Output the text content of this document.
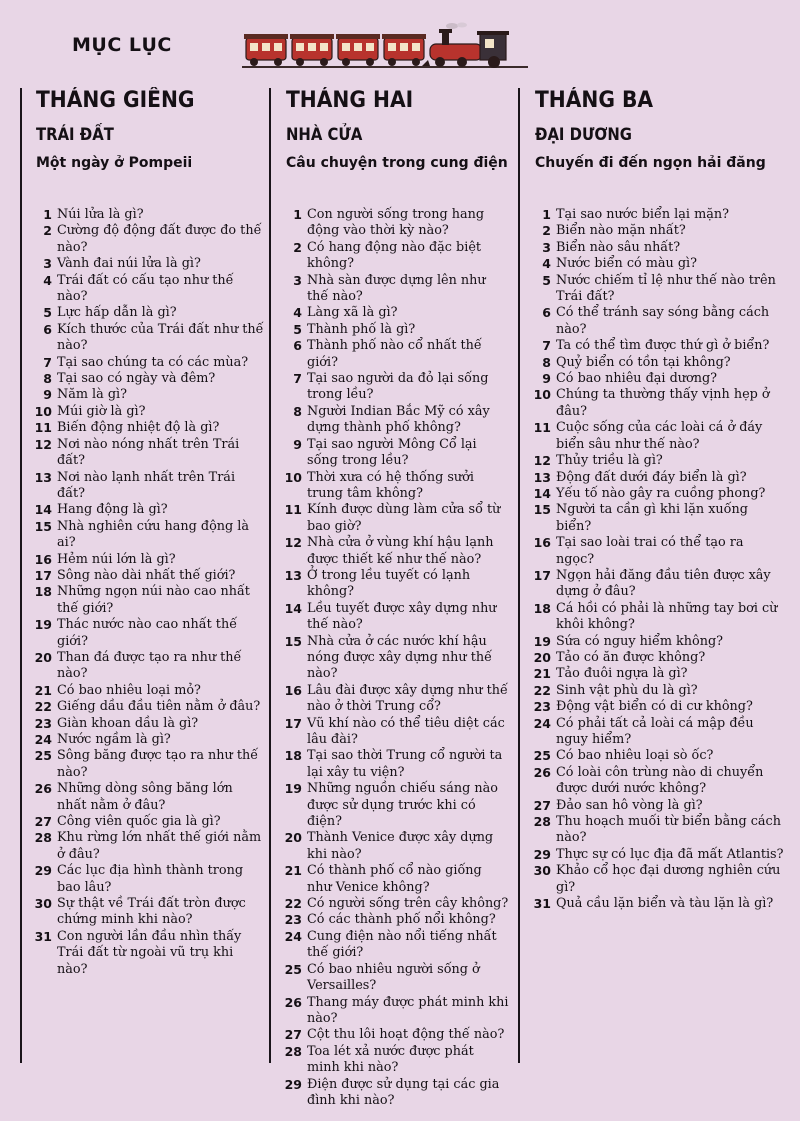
MỤC LỤC
THÁNG GIÊNG
TRÁI ĐẤT
Một ngày ở Pompeii
1 Núi lửa là gì?
2 Cường độ động đất được đo thế nào?
3 Vành đai núi lửa là gì?
4 Trái đất có cấu tạo như thế nào?
5 Lực hấp dẫn là gì?
6 Kích thước của Trái đất như thế nào?
7 Tại sao chúng ta có các mùa?
8 Tại sao có ngày và đêm?
9 Năm là gì?
10 Múi giờ là gì?
11 Biến động nhiệt độ là gì?
12 Nơi nào nóng nhất trên Trái đất?
13 Nơi nào lạnh nhất trên Trái đất?
14 Hang động là gì?
15 Nhà nghiên cứu hang động là ai?
16 Hẻm núi lớn là gì?
17 Sông nào dài nhất thế giới?
18 Những ngọn núi nào cao nhất thế giới?
19 Thác nước nào cao nhất thế giới?
20 Than đá được tạo ra như thế nào?
21 Có bao nhiêu loại mỏ?
22 Giếng dầu đầu tiên nằm ở đâu?
23 Giàn khoan dầu là gì?
24 Nước ngầm là gì?
25 Sông băng được tạo ra như thế nào?
26 Những dòng sông băng lớn nhất nằm ở đâu?
27 Công viên quốc gia là gì?
28 Khu rừng lớn nhất thế giới nằm ở đâu?
29 Các lục địa hình thành trong bao lâu?
30 Sự thật về Trái đất tròn được chứng minh khi nào?
31 Con người lần đầu nhìn thấy Trái đất từ ngoài vũ trụ khi nào?
THÁNG HAI
NHÀ CỬA
Câu chuyện trong cung điện
1 Con người sống trong hang động vào thời kỳ nào?
2 Có hang động nào đặc biệt không?
3 Nhà sàn được dựng lên như thế nào?
4 Làng xã là gì?
5 Thành phố là gì?
6 Thành phố nào cổ nhất thế giới?
7 Tại sao người da đỏ lại sống trong lều?
8 Người Indian Bắc Mỹ có xây dựng thành phố không?
9 Tại sao người Mông Cổ lại sống trong lều?
10 Thời xưa có hệ thống sưởi trung tâm không?
11 Kính được dùng làm cửa sổ từ bao giờ?
12 Nhà cửa ở vùng khí hậu lạnh được thiết kế như thế nào?
13 Ở trong lều tuyết có lạnh không?
14 Lều tuyết được xây dựng như thế nào?
15 Nhà cửa ở các nước khí hậu nóng được xây dựng như thế nào?
16 Lâu đài được xây dựng như thế nào ở thời Trung cổ?
17 Vũ khí nào có thể tiêu diệt các lâu đài?
18 Tại sao thời Trung cổ người ta lại xây tu viện?
19 Những nguồn chiếu sáng nào được sử dụng trước khi có điện?
20 Thành Venice được xây dựng khi nào?
21 Có thành phố cổ nào giống như Venice không?
22 Có người sống trên cây không?
23 Có các thành phố nổi không?
24 Cung điện nào nổi tiếng nhất thế giới?
25 Có bao nhiêu người sống ở Versailles?
26 Thang máy được phát minh khi nào?
27 Cột thu lôi hoạt động thế nào?
28 Toa lét xả nước được phát minh khi nào?
29 Điện được sử dụng tại các gia đình khi nào?
THÁNG BA
ĐẠI DƯƠNG
Chuyến đi đến ngọn hải đăng
1 Tại sao nước biển lại mặn?
2 Biển nào mặn nhất?
3 Biển nào sâu nhất?
4 Nước biển có màu gì?
5 Nước chiếm tỉ lệ như thế nào trên Trái đất?
6 Có thể tránh say sóng bằng cách nào?
7 Ta có thể tìm được thứ gì ở biển?
8 Quỷ biển có tồn tại không?
9 Có bao nhiêu đại dương?
10 Chúng ta thường thấy vịnh hẹp ở đâu?
11 Cuộc sống của các loài cá ở đáy biển sâu như thế nào?
12 Thủy triều là gì?
13 Động đất dưới đáy biển là gì?
14 Yếu tố nào gây ra cuồng phong?
15 Người ta cần gì khi lặn xuống biển?
16 Tại sao loài trai có thể tạo ra ngọc?
17 Ngọn hải đăng đầu tiên được xây dựng ở đâu?
18 Cá hồi có phải là những tay bơi cừ khôi không?
19 Sứa có nguy hiểm không?
20 Tảo có ăn được không?
21 Tảo đuôi ngựa là gì?
22 Sinh vật phù du là gì?
23 Động vật biển có di cư không?
24 Có phải tất cả loài cá mập đều nguy hiểm?
25 Có bao nhiêu loại sò ốc?
26 Có loài côn trùng nào di chuyển được dưới nước không?
27 Đảo san hô vòng là gì?
28 Thu hoạch muối từ biển bằng cách nào?
29 Thực sự có lục địa đã mất Atlantis?
30 Khảo cổ học đại dương nghiên cứu gì?
31 Quả cầu lặn biển và tàu lặn là gì?
